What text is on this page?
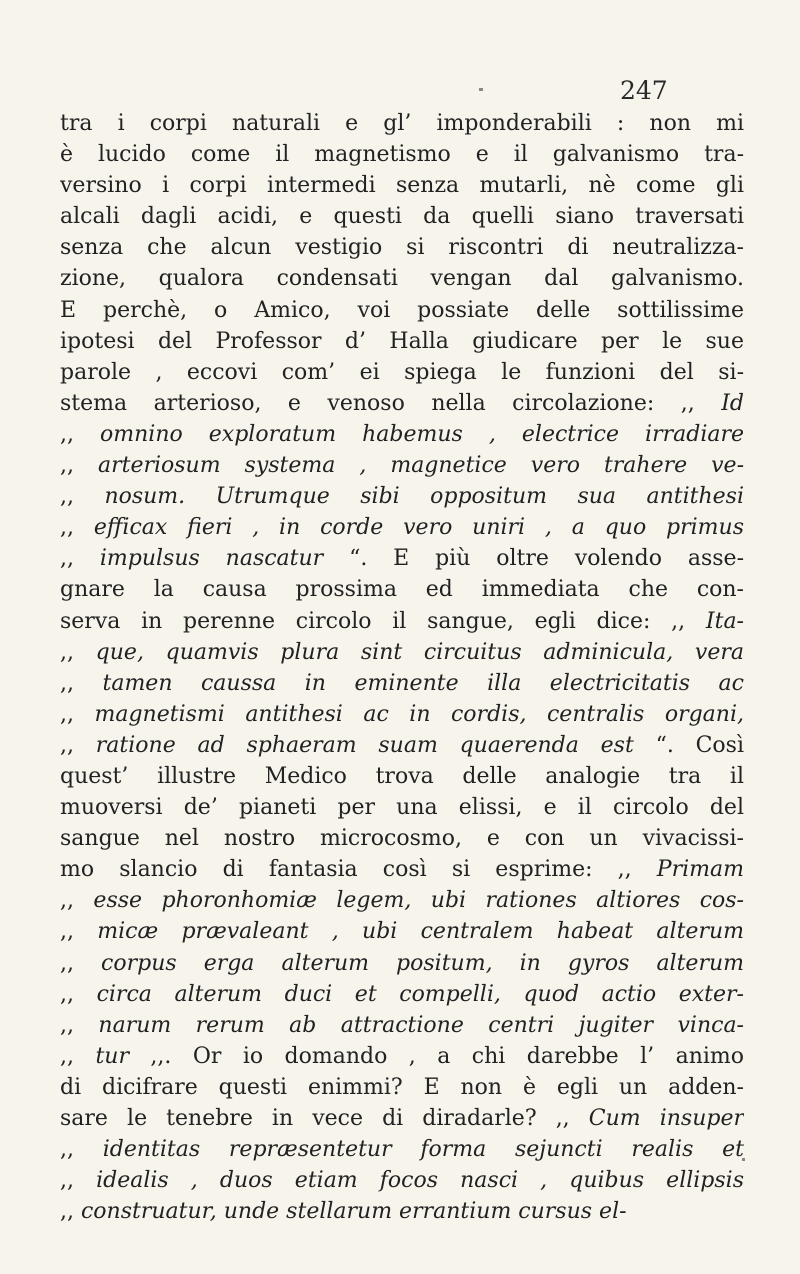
247
tra i corpi naturali e gl’ imponderabili : non mi
è lucido come il magnetismo e il galvanismo tra-
versino i corpi intermedi senza mutarli, nè come gli
alcali dagli acidi, e questi da quelli siano traversati
senza che alcun vestigio si riscontri di neutralizza-
zione, qualora condensati vengan dal galvanismo.
E perchè, o Amico, voi possiate delle sottilissime
ipotesi del Professor d’ Halla giudicare per le sue
parole , eccovi com’ ei spiega le funzioni del si-
stema arterioso, e venoso nella circolazione: ,, Id
,, omnino exploratum habemus , electrice irradiare
,, arteriosum systema , magnetice vero trahere ve-
,, nosum. Utrumque sibi oppositum sua antithesi
,, efficax fieri , in corde vero uniri , a quo primus
,, impulsus nascatur “. E più oltre volendo asse-
gnare la causa prossima ed immediata che con-
serva in perenne circolo il sangue, egli dice: ,, Ita-
,, que, quamvis plura sint circuitus adminicula, vera
,, tamen caussa in eminente illa electricitatis ac
,, magnetismi antithesi ac in cordis, centralis organi,
,, ratione ad sphaeram suam quaerenda est “. Così
quest’ illustre Medico trova delle analogie tra il
muoversi de’ pianeti per una elissi, e il circolo del
sangue nel nostro microcosmo, e con un vivacissi-
mo slancio di fantasia così si esprime: ,, Primam
,, esse phoronhomiæ legem, ubi rationes altiores cos-
,, micæ prævaleant , ubi centralem habeat alterum
,, corpus erga alterum positum, in gyros alterum
,, circa alterum duci et compelli, quod actio exter-
,, narum rerum ab attractione centri jugiter vinca-
,, tur ,,. Or io domando , a chi darebbe l’ animo
di dicifrare questi enimmi? E non è egli un adden-
sare le tenebre in vece di diradarle? ,, Cum insuper
,, identitas repræsentetur forma sejuncti realis et
,, idealis , duos etiam focos nasci , quibus ellipsis
,, construatur, unde stellarum errantium cursus el-
